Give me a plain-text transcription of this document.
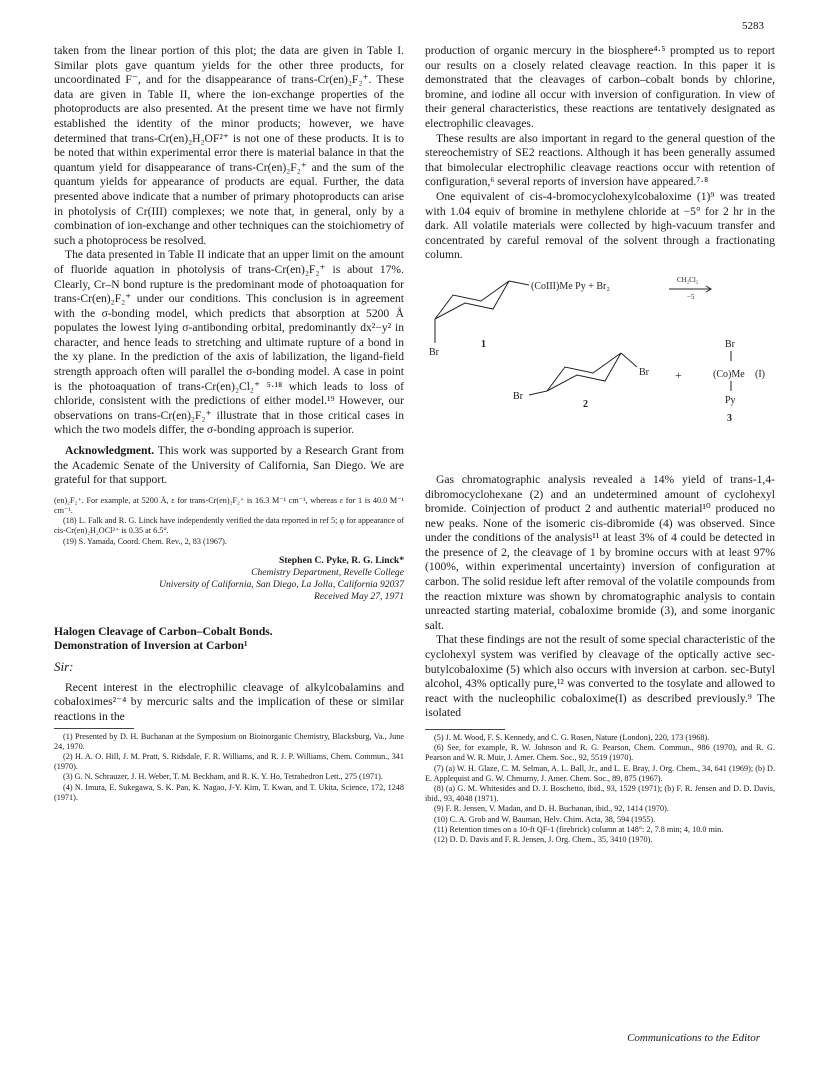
5283

taken from the linear portion of this plot; the data are given in Table I. Similar plots gave quantum yields for the other three products, for uncoordinated F⁻, and for the disappearance of trans-Cr(en)₂F₂⁺. These data are given in Table II, where the ion-exchange properties of the photoproducts are also presented. At the present time we have not firmly established the identity of the minor products; however, we have determined that trans-Cr(en)₂H₂OF²⁺ is not one of these products. It is to be noted that within experimental error there is material balance in that the quantum yield for disappearance of trans-Cr(en)₂F₂⁺ and the sum of the quantum yields for appearance of products are equal. Further, the data presented above indicate that a number of primary photoproducts can arise in photolysis of Cr(III) complexes; we note that, in general, only by a combination of ion-exchange and other techniques can the stoichiometry of such a photoprocess be resolved.

The data presented in Table II indicate that an upper limit on the amount of fluoride aquation in photolysis of trans-Cr(en)₂F₂⁺ is about 17%. Clearly, Cr–N bond rupture is the predominant mode of photoaquation for trans-Cr(en)₂F₂⁺ under our conditions. This conclusion is in agreement with the σ-bonding model, which predicts that absorption at 5200 Å populates the lowest lying σ-antibonding orbital, predominantly dx²−y² in character, and hence leads to stretching and ultimate rupture of a bond in the xy plane. In the prediction of the axis of labilization, the ligand-field strength approach often will parallel the σ-bonding model. A case in point is the photoaquation of trans-Cr(en)₂Cl₂⁺ ⁵·¹⁸ which leads to loss of chloride, consistent with the predictions of either model.¹⁹ However, our observations on trans-Cr(en)₂F₂⁺ illustrate that in those critical cases in which the two models differ, the σ-bonding approach is superior.

Acknowledgment. This work was supported by a Research Grant from the Academic Senate of the University of California, San Diego. We are grateful for that support.

(en)₂F₂⁺. For example, at 5200 Å, ε for trans-Cr(en)₂F₂⁺ is 16.3 M⁻¹ cm⁻¹, whereas ε for 1 is 40.0 M⁻¹ cm⁻¹.

(18) L. Falk and R. G. Linck have independently verified the data reported in ref 5; φ for appearance of cis-Cr(en)₂H₂OCl²⁺ is 0.35 at 6.5°.

(19) S. Yamada, Coord. Chem. Rev., 2, 83 (1967).

Stephen C. Pyke, R. G. Linck*
Chemistry Department, Revelle College
University of California, San Diego, La Jolla, California 92037
Received May 27, 1971
Halogen Cleavage of Carbon–Cobalt Bonds.
Demonstration of Inversion at Carbon¹
Sir:

Recent interest in the electrophilic cleavage of alkylcobalamins and cobaloximes²⁻⁴ by mercuric salts and the implication of these or similar reactions in the

(1) Presented by D. H. Buchanan at the Symposium on Bioinorganic Chemistry, Blacksburg, Va., June 24, 1970.

(2) H. A. O. Hill, J. M. Pratt, S. Ridsdale, F. R. Williams, and R. J. P. Williams, Chem. Commun., 341 (1970).

(3) G. N. Schrauzer, J. H. Weber, T. M. Beckham, and R. K. Y. Ho, Tetrahedron Lett., 275 (1971).

(4) N. Imura, E. Sukegawa, S. K. Pan, K. Nagao, J-Y. Kim, T. Kwan, and T. Ukita, Science, 172, 1248 (1971).

production of organic mercury in the biosphere⁴·⁵ prompted us to report our results on a closely related cleavage reaction. In this paper it is demonstrated that the cleavages of carbon–cobalt bonds by chlorine, bromine, and iodine all occur with inversion of configuration. In view of their general characteristics, these reactions are tentatively designated as electrophilic cleavages.

These results are also important in regard to the general question of the stereochemistry of SE2 reactions. Although it has been generally assumed that bimolecular electrophilic cleavage reactions occur with retention of configuration,⁶ several reports of inversion have appeared.⁷·⁸

One equivalent of cis-4-bromocyclohexylcobaloxime (1)⁹ was treated with 1.04 equiv of bromine in methylene chloride at −5° for 2 hr in the dark. All volatile materials were collected by high-vacuum transfer and concentrated by careful removal of the solvent through a fractionating column.

(CoIII)Me Py + Br₂
CH₂Cl₂
−5
Br
1
Br
Br
2
+
Br
(Co)Me (I)
Py
3

Gas chromatographic analysis revealed a 14% yield of trans-1,4-dibromocyclohexane (2) and an undetermined amount of cyclohexyl bromide. Coinjection of product 2 and authentic material¹⁰ produced no new peaks. None of the isomeric cis-dibromide (4) was observed. Since under the conditions of the analysis¹¹ at least 3% of 4 could be detected in the presence of 2, the cleavage of 1 by bromine occurs with at least 97% (100%, within experimental uncertainty) inversion of configuration at carbon. The solid residue left after removal of the volatile compounds from the reaction mixture was shown by chromatographic analysis to contain unreacted starting material, cobaloxime bromide (3), and some inorganic salt.

That these findings are not the result of some special characteristic of the cyclohexyl system was verified by cleavage of the optically active sec-butylcobaloxime (5) which also occurs with inversion at carbon. sec-Butyl alcohol, 43% optically pure,¹² was converted to the tosylate and allowed to react with the nucleophilic cobaloxime(I) as described previously.⁹ The isolated

(5) J. M. Wood, F. S. Kennedy, and C. G. Rosen, Nature (London), 220, 173 (1968).

(6) See, for example, R. W. Johnson and R. G. Pearson, Chem. Commun., 986 (1970), and R. G. Pearson and W. R. Muir, J. Amer. Chem. Soc., 92, 5519 (1970).

(7) (a) W. H. Glaze, C. M. Selman, A. L. Ball, Jr., and L. E. Bray, J. Org. Chem., 34, 641 (1969); (b) D. E. Applequist and G. W. Chmurny, J. Amer. Chem. Soc., 89, 875 (1967).

(8) (a) G. M. Whitesides and D. J. Boschetto, ibid., 93, 1529 (1971); (b) F. R. Jensen and D. D. Davis, ibid., 93, 4048 (1971).

(9) F. R. Jensen, V. Madan, and D. H. Buchanan, ibid., 92, 1414 (1970).

(10) C. A. Grob and W. Bauman, Helv. Chim. Acta, 38, 594 (1955).

(11) Retention times on a 10-ft QF-1 (firebrick) column at 148°: 2, 7.8 min; 4, 10.0 min.

(12) D. D. Davis and F. R. Jensen, J. Org. Chem., 35, 3410 (1970).

Communications to the Editor
